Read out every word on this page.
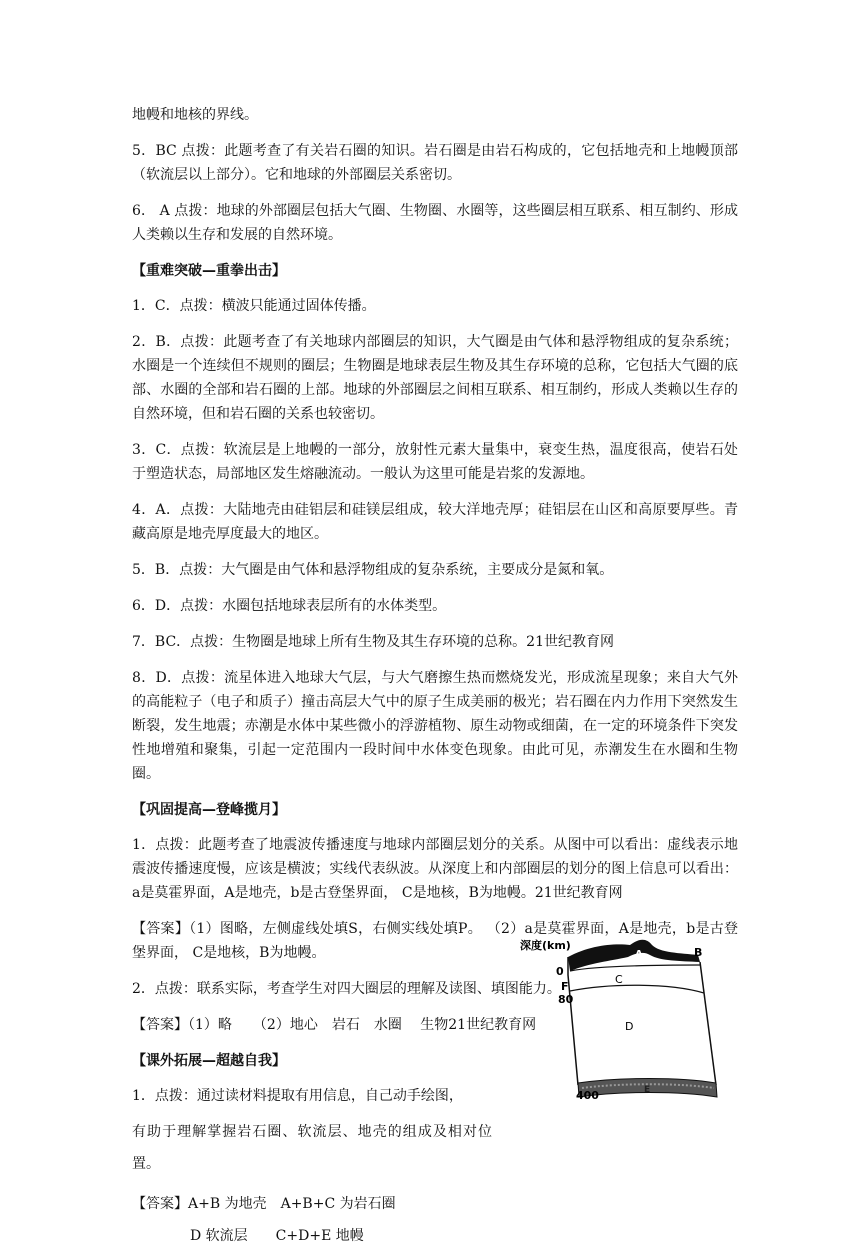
地幔和地核的界线。

5．BC 点拨：此题考查了有关岩石圈的知识。岩石圈是由岩石构成的，它包括地壳和上地幔顶部（软流层以上部分）。它和地球的外部圈层关系密切。

6． A 点拨：地球的外部圈层包括大气圈、生物圈、水圈等，这些圈层相互联系、相互制约、形成人类赖以生存和发展的自然环境。

【重难突破—重拳出击】

1．C．点拨：横波只能通过固体传播。

2．B．点拨：此题考查了有关地球内部圈层的知识，大气圈是由气体和悬浮物组成的复杂系统；水圈是一个连续但不规则的圈层；生物圈是地球表层生物及其生存环境的总称，它包括大气圈的底部、水圈的全部和岩石圈的上部。地球的外部圈层之间相互联系、相互制约，形成人类赖以生存的自然环境，但和岩石圈的关系也较密切。

3．C．点拨：软流层是上地幔的一部分，放射性元素大量集中，衰变生热，温度很高，使岩石处于塑造状态，局部地区发生熔融流动。一般认为这里可能是岩浆的发源地。

4．A．点拨：大陆地壳由硅铝层和硅镁层组成，较大洋地壳厚；硅铝层在山区和高原要厚些。青藏高原是地壳厚度最大的地区。

5．B．点拨：大气圈是由气体和悬浮物组成的复杂系统，主要成分是氮和氧。

6．D．点拨：水圈包括地球表层所有的水体类型。

7．BC．点拨：生物圈是地球上所有生物及其生存环境的总称。21世纪教育网

8．D．点拨：流星体进入地球大气层，与大气磨擦生热而燃烧发光，形成流星现象；来自大气外的高能粒子（电子和质子）撞击高层大气中的原子生成美丽的极光；岩石圈在内力作用下突然发生断裂，发生地震；赤潮是水体中某些微小的浮游植物、原生动物或细菌，在一定的环境条件下突发性地增殖和聚集，引起一定范围内一段时间中水体变色现象。由此可见，赤潮发生在水圈和生物圈。

【巩固提高—登峰揽月】

1．点拨：此题考查了地震波传播速度与地球内部圈层划分的关系。从图中可以看出：虚线表示地震波传播速度慢，应该是横波；实线代表纵波。从深度上和内部圈层的划分的图上信息可以看出：a是莫霍界面，A是地壳，b是古登堡界面， C是地核，B为地幔。21世纪教育网

【答案】（1）图略，左侧虚线处填S，右侧实线处填P。 （2）a是莫霍界面，A是地壳，b是古登堡界面， C是地核，B为地幔。

2．点拨：联系实际，考查学生对四大圈层的理解及读图、填图能力。

【答案】（1）略　　（2）地心　岩石　水圈　 生物21世纪教育网

【课外拓展—超越自我】

1．点拨：通过读材料提取有用信息，自己动手绘图，

有助于理解掌握岩石圈、软流层、地壳的组成及相对位置。

【答案】A+B 为地壳　A+B+C 为岩石圈

D 软流层　　C+D+E 地幔

深度(km)
0
F
80
400
A	B
C
D
E
